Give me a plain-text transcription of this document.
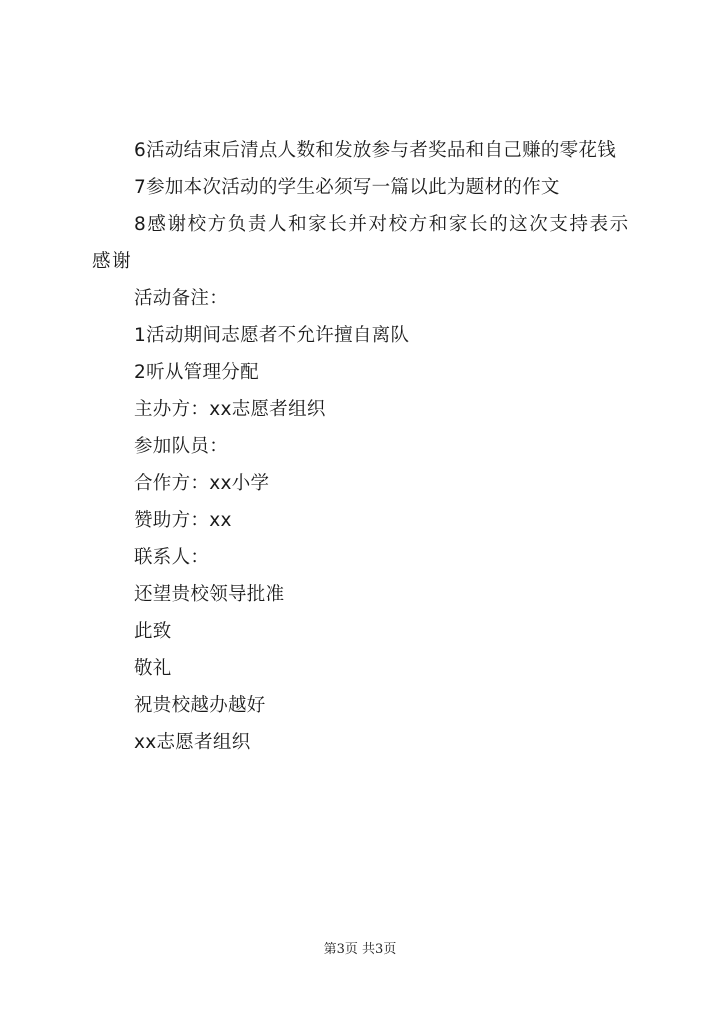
6活动结束后清点人数和发放参与者奖品和自己赚的零花钱
7参加本次活动的学生必须写一篇以此为题材的作文
8感谢校方负责人和家长并对校方和家长的这次支持表示感谢
活动备注：
1活动期间志愿者不允许擅自离队
2听从管理分配
主办方：xx志愿者组织
参加队员：
合作方：xx小学
赞助方：xx
联系人：
还望贵校领导批准
此致
敬礼
祝贵校越办越好
xx志愿者组织
第3页 共3页
